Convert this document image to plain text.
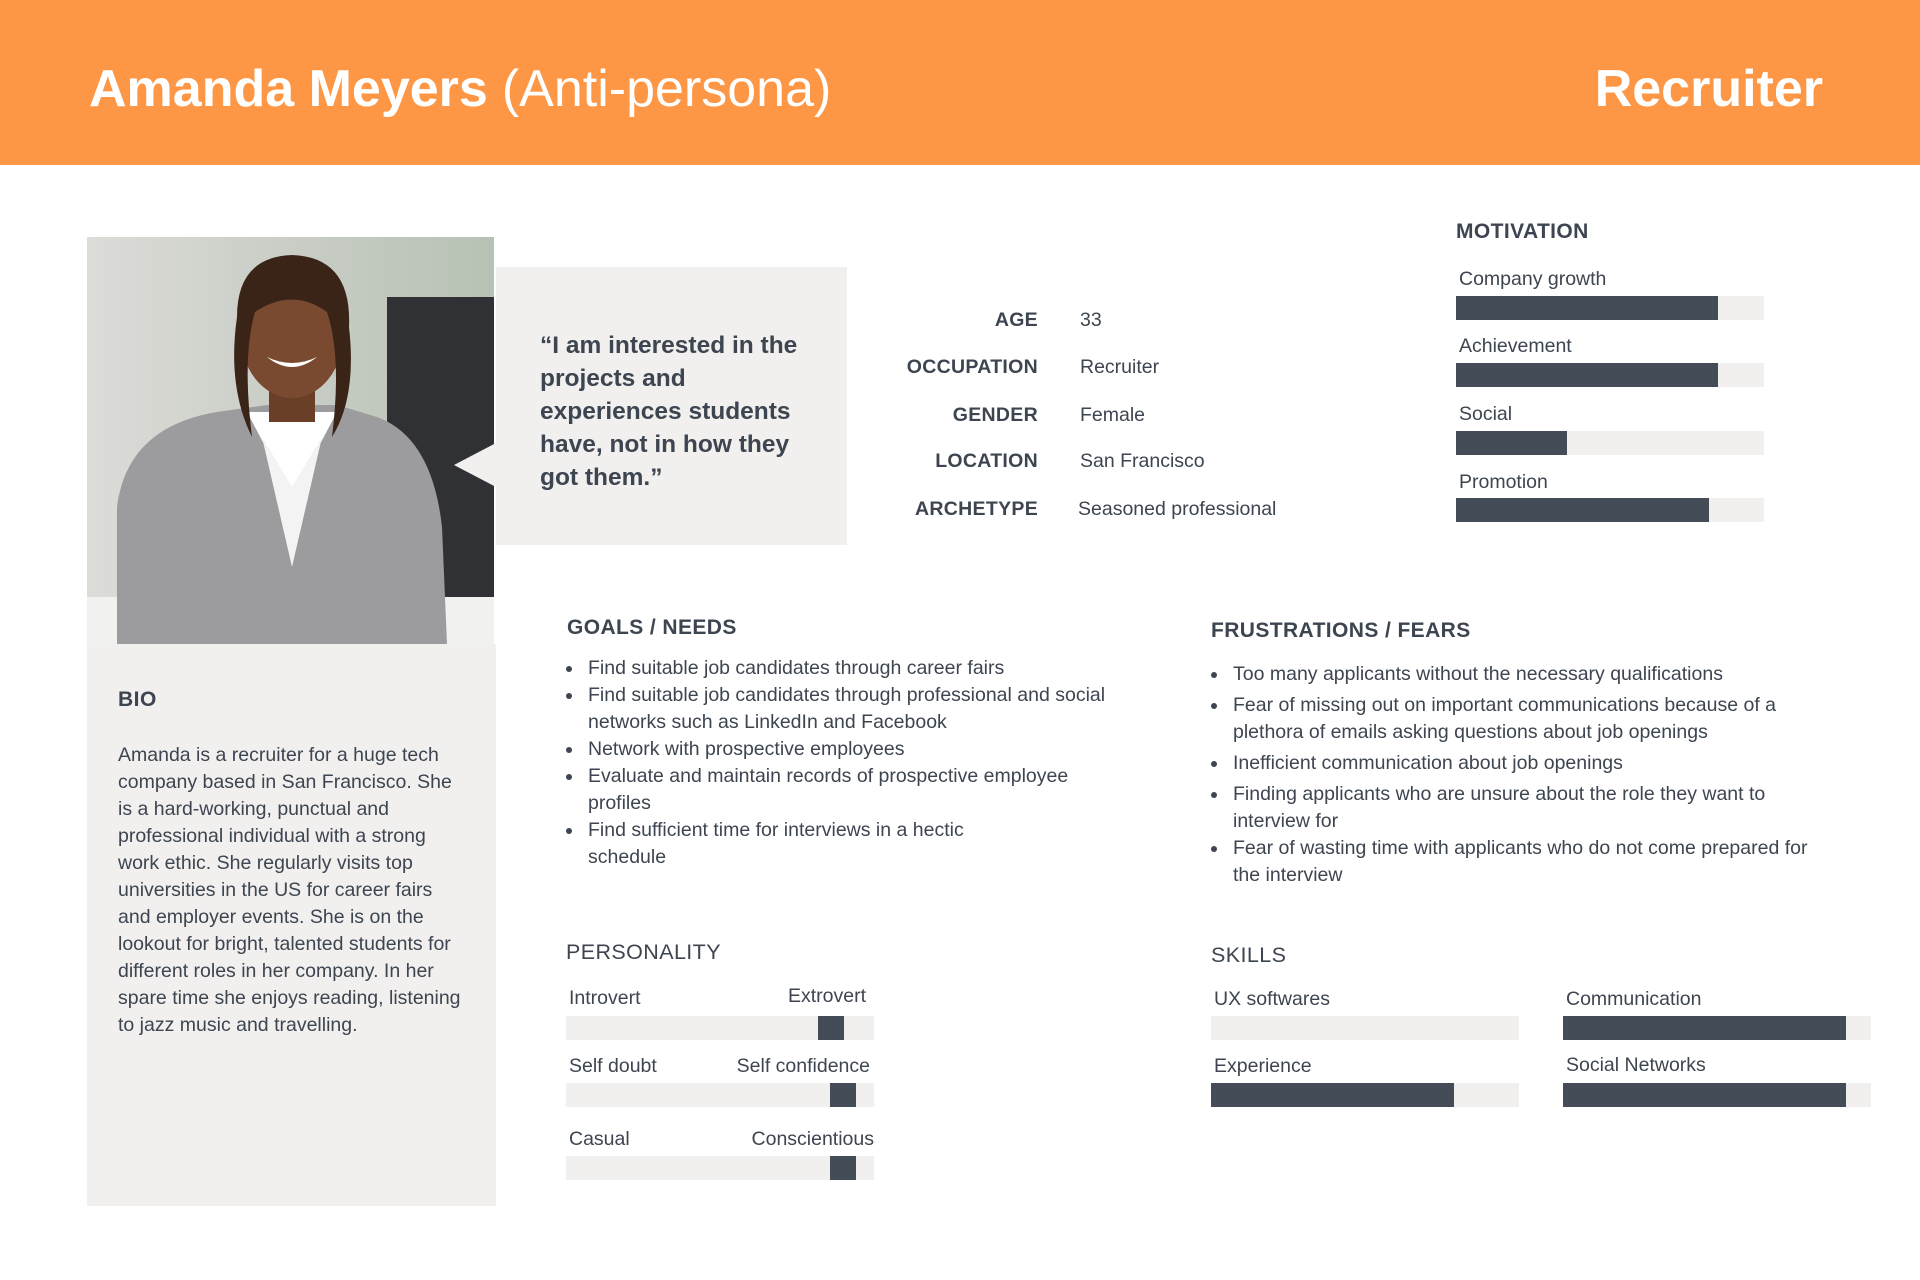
Amanda Meyers (Anti-persona)	Recruiter
BIO
Amanda is a recruiter for a huge tech company based in San Francisco. She is a hard-working, punctual and professional individual with a strong work ethic. She regularly visits top universities in the US for career fairs and employer events. She is on the lookout for bright, talented students for different roles in her company. In her spare time she enjoys reading, listening to jazz music and travelling.
“I am interested in the projects and experiences students have, not in how they got them.”
AGE 33
OCCUPATION Recruiter
GENDER Female
LOCATION San Francisco
ARCHETYPE Seasoned professional
MOTIVATION
Company growth
Achievement
Social
Promotion
GOALS / NEEDS
Find suitable job candidates through career fairs
Find suitable job candidates through professional and social networks such as LinkedIn and Facebook
Network with prospective employees
Evaluate and maintain records of prospective employee profiles
Find sufficient time for interviews in a hectic schedule
FRUSTRATIONS / FEARS
Too many applicants without the necessary qualifications
Fear of missing out on important communications because of a plethora of emails asking questions about job openings
Inefficient communication about job openings
Finding applicants who are unsure about the role they want to interview for
Fear of wasting time with applicants who do not come prepared for the interview
PERSONALITY
Introvert	Extrovert
Self doubt	Self confidence
Casual	Conscientious
SKILLS
UX softwares	Communication
Experience	Social Networks
